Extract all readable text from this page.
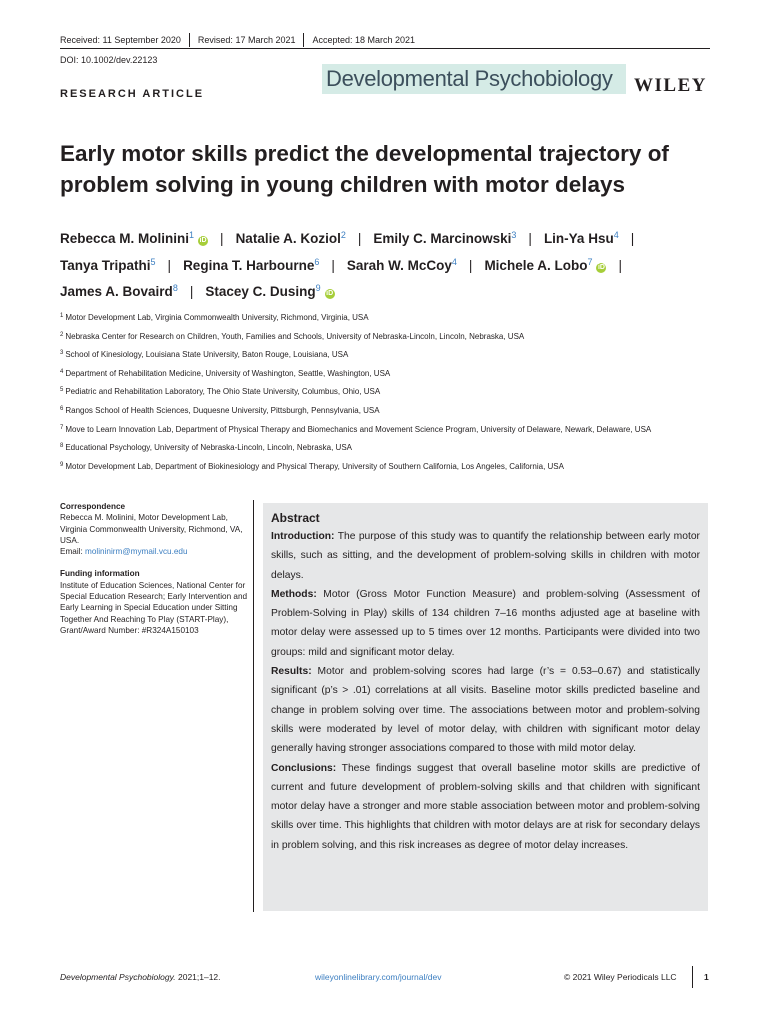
Received: 11 September 2020 Revised: 17 March 2021 Accepted: 18 March 2021
DOI: 10.1002/dev.22123
Developmental Psychobiology	WILEY
RESEARCH ARTICLE
Early motor skills predict the developmental trajectory of problem solving in young children with motor delays
Rebecca M. Molinini$^1$iD | Natalie A. Koziol$^2$ | Emily C. Marcinowski$^3$ | Lin-Ya Hsu$^4$ |
Tanya Tripathi$^5$ | Regina T. Harbourne$^6$ | Sarah W. McCoy$^4$ | Michele A. Lobo$^7$iD |
James A. Bovaird$^8$ | Stacey C. Dusing$^9$iD
$^1$ Motor Development Lab, Virginia Commonwealth University, Richmond, Virginia, USA
$^2$ Nebraska Center for Research on Children, Youth, Families and Schools, University of Nebraska-Lincoln, Lincoln, Nebraska, USA
$^3$ School of Kinesiology, Louisiana State University, Baton Rouge, Louisiana, USA
$^4$ Department of Rehabilitation Medicine, University of Washington, Seattle, Washington, USA
$^5$ Pediatric and Rehabilitation Laboratory, The Ohio State University, Columbus, Ohio, USA
$^6$ Rangos School of Health Sciences, Duquesne University, Pittsburgh, Pennsylvania, USA
$^7$ Move to Learn Innovation Lab, Department of Physical Therapy and Biomechanics and Movement Science Program, University of Delaware, Newark, Delaware, USA
$^8$ Educational Psychology, University of Nebraska-Lincoln, Lincoln, Nebraska, USA
$^9$ Motor Development Lab, Department of Biokinesiology and Physical Therapy, University of Southern California, Los Angeles, California, USA
Correspondence
Rebecca M. Molinini, Motor Development Lab, Virginia Commonwealth University, Richmond, VA, USA.
Email: molininirm@mymail.vcu.edu
Funding information
Institute of Education Sciences, National Center for Special Education Research; Early Intervention and Early Learning in Special Education under Sitting Together And Reaching To Play (START-Play), Grant/Award Number: #R324A150103
Abstract

Introduction: The purpose of this study was to quantify the relationship between early motor skills, such as sitting, and the development of problem-solving skills in children with motor delays.

Methods: Motor (Gross Motor Function Measure) and problem-solving (Assessment of Problem-Solving in Play) skills of 134 children 7–16 months adjusted age at baseline with motor delay were assessed up to 5 times over 12 months. Participants were divided into two groups: mild and significant motor delay.

Results: Motor and problem-solving scores had large (r’s = 0.53–0.67) and statistically significant (p’s > .01) correlations at all visits. Baseline motor skills predicted baseline and change in problem solving over time. The associations between motor and problem-solving skills were moderated by level of motor delay, with children with significant motor delay generally having stronger associations compared to those with mild motor delay.

Conclusions: These findings suggest that overall baseline motor skills are predictive of current and future development of problem-solving skills and that children with significant motor delay have a stronger and more stable association between motor and problem-solving skills over time. This highlights that children with motor delays are at risk for secondary delays in problem solving, and this risk increases as degree of motor delay increases.

Developmental Psychobiology. 2021;1–12.	wileyonlinelibrary.com/journal/dev	© 2021 Wiley Periodicals LLC	1
